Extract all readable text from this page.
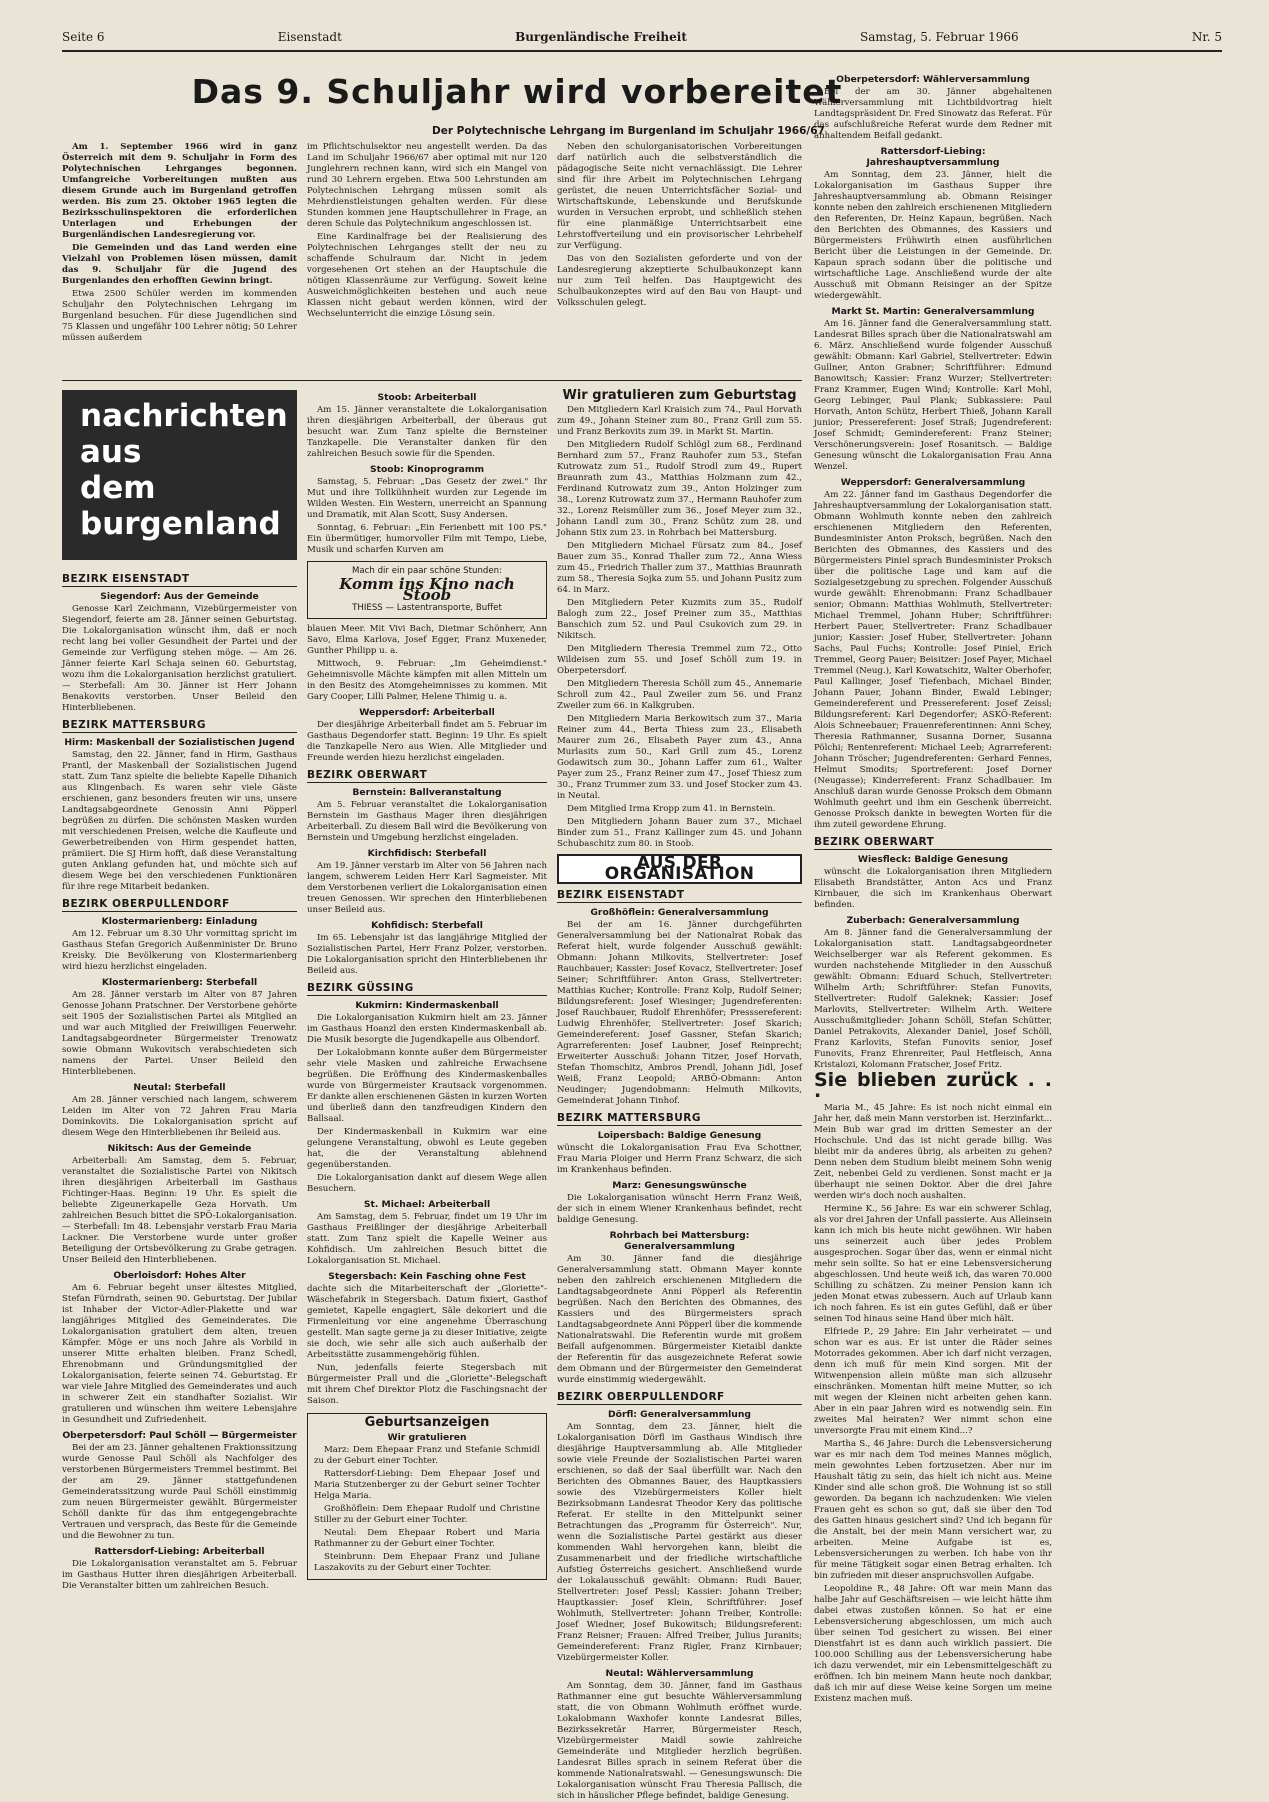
Seite 6	Eisenstadt	Burgenländische Freiheit	Samstag, 5. Februar 1966	Nr. 5
Das 9. Schuljahr wird vorbereitet
Der Polytechnische Lehrgang im Burgenland im Schuljahr 1966/67

Am 1. September 1966 wird in ganz Österreich mit dem 9. Schuljahr in Form des Polytechnischen Lehrganges begonnen. Umfangreiche Vorbereitungen mußten aus diesem Grunde auch im Burgenland getroffen werden. Bis zum 25. Oktober 1965 legten die Bezirksschulinspektoren die erforderlichen Unterlagen und Erhebungen der Burgenländischen Landesregierung vor.

Die Gemeinden und das Land werden eine Vielzahl von Problemen lösen müssen, damit das 9. Schuljahr für die Jugend des Burgenlandes den erhofften Gewinn bringt.

Etwa 2500 Schüler werden im kommenden Schuljahr den Polytechnischen Lehrgang im Burgenland besuchen. Für diese Jugendlichen sind 75 Klassen und ungefähr 100 Lehrer nötig; 50 Lehrer müssen außerdem

im Pflichtschulsektor neu angestellt werden. Da das Land im Schuljahr 1966/67 aber optimal mit nur 120 Junglehrern rechnen kann, wird sich ein Mangel von rund 30 Lehrern ergeben. Etwa 500 Lehrstunden am Polytechnischen Lehrgang müssen somit als Mehrdienstleistungen gehalten werden. Für diese Stunden kommen jene Hauptschullehrer in Frage, an deren Schule das Polytechnikum angeschlossen ist.

Eine Kardinalfrage bei der Realisierung des Polytechnischen Lehrganges stellt der neu zu schaffende Schulraum dar. Nicht in jedem vorgesehenen Ort stehen an der Hauptschule die nötigen Klassenräume zur Verfügung. Soweit keine Ausweichmöglichkeiten bestehen und auch neue Klassen nicht gebaut werden können, wird der Wechselunterricht die einzige Lösung sein.

Neben den schulorganisatorischen Vorbereitungen darf natürlich auch die selbstverständlich die pädagogische Seite nicht vernachlässigt. Die Lehrer sind für ihre Arbeit im Polytechnischen Lehrgang gerüstet, die neuen Unterrichtsfächer Sozial- und Wirtschaftskunde, Lebenskunde und Berufskunde wurden in Versuchen erprobt, und schließlich stehen für eine planmäßige Unterrichtsarbeit eine Lehrstoffverteilung und ein provisorischer Lehrbehelf zur Verfügung.

Das von den Sozialisten geforderte und von der Landesregierung akzeptierte Schulbaukonzept kann nur zum Teil helfen. Das Hauptgewicht des Schulbaukonzeptes wird auf den Bau von Haupt- und Volksschulen gelegt.

Oberpetersdorf: Wählerversammlung

Bei der am 30. Jänner abgehaltenen Wählerversammlung mit Lichtbildvortrag hielt Landtagspräsident Dr. Fred Sinowatz das Referat. Für das aufschlußreiche Referat wurde dem Redner mit anhaltendem Beifall gedankt.

Rattersdorf-Liebing: Jahreshauptversammlung

Am Sonntag, dem 23. Jänner, hielt die Lokalorganisation im Gasthaus Supper ihre Jahreshauptversammlung ab. Obmann Reisinger konnte neben den zahlreich erschienenen Mitgliedern den Referenten, Dr. Heinz Kapaun, begrüßen. Nach den Berichten des Obmannes, des Kassiers und Bürgermeisters Frühwirth einen ausführlichen Bericht über die Leistungen in der Gemeinde. Dr. Kapaun sprach sodann über die politische und wirtschaftliche Lage. Anschließend wurde der alte Ausschuß mit Obmann Reisinger an der Spitze wiedergewählt.

Markt St. Martin: Generalversammlung

Am 16. Jänner fand die Generalversammlung statt. Landesrat Billes sprach über die Nationalratswahl am 6. März. Anschließend wurde folgender Ausschuß gewählt: Obmann: Karl Gabriel, Stellvertreter: Edwin Gullner, Anton Grabner; Schriftführer: Edmund Banowitsch; Kassier: Franz Wurzer; Stellvertreter: Franz Krammer, Eugen Wind; Kontrolle: Karl Mohl, Georg Lebinger, Paul Plank; Subkassiere: Paul Horvath, Anton Schütz, Herbert Thieß, Johann Karall junior; Pressereferent: Josef Straß; Jugendreferent: Josef Schmidt; Gemindereferent: Franz Steiner; Verschönerungsverein: Josef Rosanitsch. — Baldige Genesung wünscht die Lokalorganisation Frau Anna Wenzel.

Weppersdorf: Generalversammlung

Am 22. Jänner fand im Gasthaus Degendorfer die Jahreshauptversammlung der Lokalorganisation statt. Obmann Wohlmuth konnte neben den zahlreich erschienenen Mitgliedern den Referenten, Bundesminister Anton Proksch, begrüßen. Nach den Berichten des Obmannes, des Kassiers und des Bürgermeisters Piniel sprach Bundesminister Proksch über die politische Lage und kam auf die Sozialgesetzgebung zu sprechen. Folgender Ausschuß wurde gewählt: Ehrenobmann: Franz Schadlbauer senior; Obmann: Matthias Wohlmuth, Stellvertreter: Michael Tremmel, Johann Huber; Schriftführer: Herbert Pauer, Stellvertreter: Franz Schadlbauer junior; Kassier: Josef Huber, Stellvertreter: Johann Sachs, Paul Fuchs; Kontrolle: Josef Piniel, Erich Tremmel, Georg Pauer; Beisitzer: Josef Payer, Michael Tremmel (Neug.), Karl Kowatschitz, Walter Oberhofer, Paul Kallinger, Josef Tiefenbach, Michael Binder, Johann Pauer, Johann Binder, Ewald Lebinger; Gemeindereferent und Pressereferent: Josef Zeissl; Bildungsreferent: Karl Degendorfer; ASKÖ-Referent: Alois Schneebauer; Frauenreferentinnen: Anni Schey, Theresia Rathmanner, Susanna Dorner, Susanna Pölchi; Rentenreferent: Michael Leeb; Agrarreferent: Johann Tröscher; Jugendreferenten: Gerhard Fennes, Helmut Smodits; Sportreferent: Josef Dorner (Neugasse); Kinderreferent: Franz Schadlbauer. Im Anschluß daran wurde Genosse Proksch dem Obmann Wohlmuth geehrt und ihm ein Geschenk überreicht. Genosse Proksch dankte in bewegten Worten für die ihm zuteil gewordene Ehrung.

BEZIRK OBERWART
Wiesfleck: Baldige Genesung

wünscht die Lokalorganisation ihren Mitgliedern Elisabeth Brandstätter, Anton Acs und Franz Kirnbauer, die sich im Krankenhaus Oberwart befinden.

Zuberbach: Generalversammlung

Am 8. Jänner fand die Generalversammlung der Lokalorganisation statt. Landtagsabgeordneter Weichselberger war als Referent gekommen. Es wurden nachstehende Mitglieder in den Ausschuß gewählt: Obmann: Eduard Schuch, Stellvertreter: Wilhelm Arth; Schriftführer: Stefan Funovits, Stellvertreter: Rudolf Galeknek; Kassier: Josef Marlovits, Stellvertreter: Wilhelm Arth. Weitere Ausschußmitglieder: Johann Schöll, Stefan Schütter, Daniel Petrakovits, Alexander Daniel, Josef Schöll, Franz Karlovits, Stefan Funovits senior, Josef Funovits, Franz Ehrenreiter, Paul Hetfleisch, Anna Kristalozi, Kolomann Fratscher, Josef Fritz.

Sie blieben zurück . . .

Maria M., 45 Jahre: Es ist noch nicht einmal ein Jahr her, daß mein Mann verstorben ist. Herzinfarkt... Mein Bub war grad im dritten Semester an der Hochschule. Und das ist nicht gerade billig. Was bleibt mir da anderes übrig, als arbeiten zu gehen? Denn neben dem Studium bleibt meinem Sohn wenig Zeit, nebenbei Geld zu verdienen. Sonst macht er ja überhaupt nie seinen Doktor. Aber die drei Jahre werden wir's doch noch aushalten.

Hermine K., 56 Jahre: Es war ein schwerer Schlag, als vor drei Jahren der Unfall passierte. Aus Alleinsein kann ich mich bis heute nicht gewöhnen. Wir haben uns seinerzeit auch über jedes Problem ausgesprochen. Sogar über das, wenn er einmal nicht mehr sein sollte. So hat er eine Lebensversicherung abgeschlossen. Und heute weiß ich, das waren 70.000 Schilling zu schätzen. Zu meiner Pension kann ich jeden Monat etwas zubessern. Auch auf Urlaub kann ich noch fahren. Es ist ein gutes Gefühl, daß er über seinen Tod hinaus seine Hand über mich hält.

Elfriede P., 29 Jahre: Ein Jahr verheiratet — und schon war es aus. Er ist unter die Räder seines Motorrades gekommen. Aber ich darf nicht verzagen, denn ich muß für mein Kind sorgen. Mit der Witwenpension allein müßte man sich allzusehr einschränken. Momentan hilft meine Mutter, so ich mit wegen der Kleinen nicht arbeiten gehen kann. Aber in ein paar Jahren wird es notwendig sein. Ein zweites Mal heiraten? Wer nimmt schon eine unversorgte Frau mit einem Kind...?

Martha S., 46 Jahre: Durch die Lebensversicherung war es mir nach dem Tod meines Mannes möglich, mein gewohntes Leben fortzusetzen. Aber nur im Haushalt tätig zu sein, das hielt ich nicht aus. Meine Kinder sind alle schon groß. Die Wohnung ist so still geworden. Da begann ich nachzudenken: Wie vielen Frauen geht es schon so gut, daß sie über den Tod des Gatten hinaus gesichert sind? Und ich begann für die Anstalt, bei der mein Mann versichert war, zu arbeiten. Meine Aufgabe ist es, Lebensversicherungen zu werben. Ich habe von ihr für meine Tätigkeit sogar einen Betrag erhalten. Ich bin zufrieden mit dieser anspruchsvollen Aufgabe.

Leopoldine R., 48 Jahre: Oft war mein Mann das halbe Jahr auf Geschäftsreisen — wie leicht hätte ihm dabei etwas zustoßen können. So hat er eine Lebensversicherung abgeschlossen, um mich auch über seinen Tod gesichert zu wissen. Bei einer Dienstfahrt ist es dann auch wirklich passiert. Die 100.000 Schilling aus der Lebensversicherung habe ich dazu verwendet, mir ein Lebensmittelgeschäft zu eröffnen. Ich bin meinem Mann heute noch dankbar, daß ich mir auf diese Weise keine Sorgen um meine Existenz machen muß.

nachrichten
aus
dem
burgenland
BEZIRK EISENSTADT
Siegendorf: Aus der Gemeinde

Genosse Karl Zeichmann, Vizebürgermeister von Siegendorf, feierte am 28. Jänner seinen Geburtstag. Die Lokalorganisation wünscht ihm, daß er noch recht lang bei voller Gesundheit der Partei und der Gemeinde zur Verfügung stehen möge. — Am 26. Jänner feierte Karl Schaja seinen 60. Geburtstag, wozu ihm die Lokalorganisation herzlichst gratuliert. — Sterbefall: Am 30. Jänner ist Herr Johann Benakovits verstorben. Unser Beileid den Hinterbliebenen.

BEZIRK MATTERSBURG
Hirm: Maskenball der Sozialistischen Jugend

Samstag, den 22. Jänner, fand in Hirm, Gasthaus Prantl, der Maskenball der Sozialistischen Jugend statt. Zum Tanz spielte die beliebte Kapelle Dihanich aus Klingenbach. Es waren sehr viele Gäste erschienen, ganz besonders freuten wir uns, unsere Landtagsabgeordnete Genossin Anni Pöpperl begrüßen zu dürfen. Die schönsten Masken wurden mit verschiedenen Preisen, welche die Kaufleute und Gewerbetreibenden von Hirm gespendet hatten, prämiiert. Die SJ Hirm hofft, daß diese Veranstaltung guten Anklang gefunden hat, und möchte sich auf diesem Wege bei den verschiedenen Funktionären für ihre rege Mitarbeit bedanken.

BEZIRK OBERPULLENDORF
Klostermarienberg: Einladung

Am 12. Februar um 8.30 Uhr vormittag spricht im Gasthaus Stefan Gregorich Außenminister Dr. Bruno Kreisky. Die Bevölkerung von Klostermarienberg wird hiezu herzlichst eingeladen.

Klostermarienberg: Sterbefall

Am 28. Jänner verstarb im Alter von 87 Jahren Genosse Johann Pratschner. Der Verstorbene gehörte seit 1905 der Sozialistischen Partei als Mitglied an und war auch Mitglied der Freiwilligen Feuerwehr. Landtagsabgeordneter Bürgermeister Trenowatz sowie Obmann Wukovitsch verabschiedeten sich namens der Partei. Unser Beileid den Hinterbliebenen.

Neutal: Sterbefall

Am 28. Jänner verschied nach langem, schwerem Leiden im Alter von 72 Jahren Frau Maria Dominkovits. Die Lokalorganisation spricht auf diesem Wege den Hinterbliebenen ihr Beileid aus.

Nikitsch: Aus der Gemeinde

Arbeiterball: Am Samstag, dem 5. Februar, veranstaltet die Sozialistische Partei von Nikitsch ihren diesjährigen Arbeiterball im Gasthaus Fichtinger-Haas. Beginn: 19 Uhr. Es spielt die beliebte Zigeunerkapelle Geza Horvath. Um zahlreichen Besuch bittet die SPÖ-Lokalorganisation. — Sterbefall: Im 48. Lebensjahr verstarb Frau Maria Lackner. Die Verstorbene wurde unter großer Beteiligung der Ortsbevölkerung zu Grabe getragen. Unser Beileid den Hinterbliebenen.

Oberloisdorf: Hohes Alter

Am 6. Februar begeht unser ältestes Mitglied, Stefan Fürndrath, seinen 90. Geburtstag. Der Jubilar ist Inhaber der Victor-Adler-Plakette und war langjähriges Mitglied des Gemeinderates. Die Lokalorganisation gratuliert dem alten, treuen Kämpfer. Möge er uns noch Jahre als Vorbild in unserer Mitte erhalten bleiben. Franz Schedl, Ehrenobmann und Gründungsmitglied der Lokalorganisation, feierte seinen 74. Geburtstag. Er war viele Jahre Mitglied des Gemeinderates und auch in schwerer Zeit ein standhafter Sozialist. Wir gratulieren und wünschen ihm weitere Lebensjahre in Gesundheit und Zufriedenheit.

Oberpetersdorf: Paul Schöll — Bürgermeister

Bei der am 23. Jänner gehaltenen Fraktionssitzung wurde Genosse Paul Schöll als Nachfolger des verstorbenen Bürgermeisters Tremmel bestimmt. Bei der am 29. Jänner stattgefundenen Gemeinderatssitzung wurde Paul Schöll einstimmig zum neuen Bürgermeister gewählt. Bürgermeister Schöll dankte für das ihm entgegengebrachte Vertrauen und versprach, das Beste für die Gemeinde und die Bewohner zu tun.

Rattersdorf-Liebing: Arbeiterball

Die Lokalorganisation veranstaltet am 5. Februar im Gasthaus Hutter ihren diesjährigen Arbeiterball. Die Veranstalter bitten um zahlreichen Besuch.

Stoob: Arbeiterball

Am 15. Jänner veranstaltete die Lokalorganisation ihren diesjährigen Arbeiterball, der überaus gut besucht war. Zum Tanz spielte die Bernsteiner Tanzkapelle. Die Veranstalter danken für den zahlreichen Besuch sowie für die Spenden.

Stoob: Kinoprogramm

Samstag, 5. Februar: „Das Gesetz der zwei." Ihr Mut und ihre Tollkühnheit wurden zur Legende im Wilden Westen. Ein Western, unerreicht an Spannung und Dramatik, mit Alan Scott, Susy Andersen.

Sonntag, 6. Februar: „Ein Ferienbett mit 100 PS." Ein übermütiger, humorvoller Film mit Tempo, Liebe, Musik und scharfen Kurven am

Mach dir ein paar schöne Stunden:
Komm ins Kino nach Stoob
THIESS — Lastentransporte, Buffet

blauen Meer. Mit Vivi Bach, Dietmar Schönherr, Ann Savo, Elma Karlova, Josef Egger, Franz Muxeneder, Gunther Philipp u. a.

Mittwoch, 9. Februar: „Im Geheimdienst." Geheimnisvolle Mächte kämpfen mit allen Mitteln um in den Besitz des Atomgeheimnisses zu kommen. Mit Gary Cooper, Lilli Palmer, Helene Thimig u. a.

Weppersdorf: Arbeiterball

Der diesjährige Arbeiterball findet am 5. Februar im Gasthaus Degendorfer statt. Beginn: 19 Uhr. Es spielt die Tanzkapelle Nero aus Wien. Alle Mitglieder und Freunde werden hiezu herzlichst eingeladen.

BEZIRK OBERWART
Bernstein: Ballveranstaltung

Am 5. Februar veranstaltet die Lokalorganisation Bernstein im Gasthaus Mager ihren diesjährigen Arbeiterball. Zu diesem Ball wird die Bevölkerung von Bernstein und Umgebung herzlichst eingeladen.

Kirchfidisch: Sterbefall

Am 19. Jänner verstarb im Alter von 56 Jahren nach langem, schwerem Leiden Herr Karl Sagmeister. Mit dem Verstorbenen verliert die Lokalorganisation einen treuen Genossen. Wir sprechen den Hinterbliebenen unser Beileid aus.

Kohfidisch: Sterbefall

Im 65. Lebensjahr ist das langjährige Mitglied der Sozialistischen Partei, Herr Franz Polzer, verstorben. Die Lokalorganisation spricht den Hinterbliebenen ihr Beileid aus.

BEZIRK GÜSSING
Kukmirn: Kindermaskenball

Die Lokalorganisation Kukmirn hielt am 23. Jänner im Gasthaus Hoanzl den ersten Kindermaskenball ab. Die Musik besorgte die Jugendkapelle aus Olbendorf.

Der Lokalobmann konnte außer dem Bürgermeister sehr viele Masken und zahlreiche Erwachsene begrüßen. Die Eröffnung des Kindermaskenballes wurde von Bürgermeister Krautsack vorgenommen. Er dankte allen erschienenen Gästen in kurzen Worten und überließ dann den tanzfreudigen Kindern den Ballsaal.

Der Kindermaskenball in Kukmirn war eine gelungene Veranstaltung, obwohl es Leute gegeben hat, die der Veranstaltung ablehnend gegenüberstanden.

Die Lokalorganisation dankt auf diesem Wege allen Besuchern.

St. Michael: Arbeiterball

Am Samstag, dem 5. Februar, findet um 19 Uhr im Gasthaus Freißlinger der diesjährige Arbeiterball statt. Zum Tanz spielt die Kapelle Weiner aus Kohfidisch. Um zahlreichen Besuch bittet die Lokalorganisation St. Michael.

Stegersbach: Kein Fasching ohne Fest

dachte sich die Mitarbeiterschaft der „Gloriette"-Wäschefabrik in Stegersbach. Datum fixiert, Gasthof gemietet, Kapelle engagiert, Säle dekoriert und die Firmenleitung vor eine angenehme Überraschung gestellt. Man sagte gerne ja zu dieser Initiative, zeigte sie doch, wie sehr alle sich auch außerhalb der Arbeitsstätte zusammengehörig fühlen.

Nun, jedenfalls feierte Stegersbach mit Bürgermeister Prall und die „Gloriette"-Belegschaft mit ihrem Chef Direktor Plotz die Faschingsnacht der Saison.

Geburtsanzeigen
Wir gratulieren

Marz: Dem Ehepaar Franz und Stefanie Schmidl zu der Geburt einer Tochter.

Rattersdorf-Liebing: Dem Ehepaar Josef und Maria Stutzenberger zu der Geburt seiner Tochter Helga Maria.

Großhöflein: Dem Ehepaar Rudolf und Christine Stiller zu der Geburt einer Tochter.

Neutal: Dem Ehepaar Robert und Maria Rathmanner zu der Geburt einer Tochter.

Steinbrunn: Dem Ehepaar Franz und Juliane Laszakovits zu der Geburt einer Tochter.

Wir gratulieren zum Geburtstag

Den Mitgliedern Karl Kraisich zum 74., Paul Horvath zum 49., Johann Steiner zum 80., Franz Grill zum 55. und Franz Berkovits zum 39. in Markt St. Martin.

Den Mitgliedern Rudolf Schlögl zum 68., Ferdinand Bernhard zum 57., Franz Rauhofer zum 53., Stefan Kutrowatz zum 51., Rudolf Strodl zum 49., Rupert Braunrath zum 43., Matthias Holzmann zum 42., Ferdinand Kutrowatz zum 39., Anton Holzinger zum 38., Lorenz Kutrowatz zum 37., Hermann Rauhofer zum 32., Lorenz Reismüller zum 36., Josef Meyer zum 32., Johann Landl zum 30., Franz Schütz zum 28. und Johann Stix zum 23. in Rohrbach bei Mattersburg.

Den Mitgliedern Michael Fürsatz zum 84., Josef Bauer zum 35., Konrad Thaller zum 72., Anna Wiess zum 45., Friedrich Thaller zum 37., Matthias Braunrath zum 58., Theresia Sojka zum 55. und Johann Pusitz zum 64. in Marz.

Den Mitgliedern Peter Kuzmits zum 35., Rudolf Balogh zum 22., Josef Preiner zum 35., Matthias Banschich zum 52. und Paul Csukovich zum 29. in Nikitsch.

Den Mitgliedern Theresia Tremmel zum 72., Otto Wildeisen zum 55. und Josef Schöll zum 19. in Oberpetersdorf.

Den Mitgliedern Theresia Schöll zum 45., Annemarie Schroll zum 42., Paul Zweiler zum 56. und Franz Zweiler zum 66. in Kalkgruben.

Den Mitgliedern Maria Berkowitsch zum 37., Maria Reiner zum 44., Berta Thiess zum 23., Elisabeth Maurer zum 26., Elisabeth Payer zum 43., Anna Murlasits zum 50., Karl Grill zum 45., Lorenz Godawitsch zum 30., Johann Laffer zum 61., Walter Payer zum 25., Franz Reiner zum 47., Josef Thiesz zum 30., Franz Trummer zum 33. und Josef Stocker zum 43. in Neutal.

Dem Mitglied Irma Kropp zum 41. in Bernstein.

Den Mitgliedern Johann Bauer zum 37., Michael Binder zum 51., Franz Kallinger zum 45. und Johann Schubaschitz zum 80. in Stoob.

AUS DER ORGANISATION
BEZIRK EISENSTADT
Großhöflein: Generalversammlung

Bei der am 16. Jänner durchgeführten Generalversammlung bei der Nationalrat Robak das Referat hielt, wurde folgender Ausschuß gewählt: Obmann: Johann Milkovits, Stellvertreter: Josef Rauchbauer; Kassier: Josef Kovacz, Stellvertreter: Josef Seiner; Schriftführer: Anton Grass, Stellvertreter: Matthias Kucher; Kontrolle: Franz Kolp, Rudolf Seiner; Bildungsreferent: Josef Wiesinger; Jugendreferenten: Josef Rauchbauer, Rudolf Ehrenhöfer; Presssereferent: Ludwig Ehrenhöfer, Stellvertreter: Josef Skarich; Gemeindereferent: Josef Gassner, Stefan Skarich; Agrarreferenten: Josef Laubner, Josef Reinprecht; Erweiterter Ausschuß: Johann Titzer, Josef Horvath, Stefan Thomschitz, Ambros Prendl, Johann Jidl, Josef Weiß, Franz Leopold; ARBÖ-Obmann: Anton Neudinger; Jugendobmann: Helmuth Milkovits, Gemeinderat Johann Tinhof.

BEZIRK MATTERSBURG
Loipersbach: Baldige Genesung

wünscht die Lokalorganisation Frau Eva Schottner, Frau Maria Ploiger und Herrn Franz Schwarz, die sich im Krankenhaus befinden.

Marz: Genesungswünsche

Die Lokalorganisation wünscht Herrn Franz Weiß, der sich in einem Wiener Krankenhaus befindet, recht baldige Genesung.

Rohrbach bei Mattersburg: Generalversammlung

Am 30. Jänner fand die diesjährige Generalversammlung statt. Obmann Mayer konnte neben den zahlreich erschienenen Mitgliedern die Landtagsabgeordnete Anni Pöpperl als Referentin begrüßen. Nach den Berichten des Obmannes, des Kassiers und des Bürgermeisters sprach Landtagsabgeordnete Anni Pöpperl über die kommende Nationalratswahl. Die Referentin wurde mit großem Beifall aufgenommen. Bürgermeister Kietaibl dankte der Referentin für das ausgezeichnete Referat sowie dem Obmann und der Bürgermeister den Gemeinderat wurde einstimmig wiedergewählt.

BEZIRK OBERPULLENDORF
Dörfl: Generalversammlung

Am Sonntag, dem 23. Jänner, hielt die Lokalorganisation Dörfl im Gasthaus Windisch ihre diesjährige Hauptversammlung ab. Alle Mitglieder sowie viele Freunde der Sozialistischen Partei waren erschienen, so daß der Saal überfüllt war. Nach den Berichten des Obmannes Bauer, des Hauptkassiers sowie des Vizebürgermeisters Koller hielt Bezirksobmann Landesrat Theodor Kery das politische Referat. Er stellte in den Mittelpunkt seiner Betrachtungen das „Programm für Österreich". Nur, wenn die Sozialistische Partei gestärkt aus dieser kommenden Wahl hervorgehen kann, bleibt die Zusammenarbeit und der friedliche wirtschaftliche Aufstieg Österreichs gesichert. Anschließend wurde der Lokalausschuß gewählt: Obmann: Rudi Bauer, Stellvertreter: Josef Pessl; Kassier: Johann Treiber; Hauptkassier: Josef Klein, Schriftführer: Josef Wohlmuth, Stellvertreter: Johann Treiber, Kontrolle: Josef Wiedner, Josef Bukowitsch; Bildungsreferent: Franz Reisner; Frauen: Alfred Treiber, Julius Juranits; Gemeindereferent: Franz Rigler, Franz Kirnbauer; Vizebürgermeister Koller.

Neutal: Wählerversammlung

Am Sonntag, dem 30. Jänner, fand im Gasthaus Rathmanner eine gut besuchte Wählerversammlung statt, die von Obmann Wohlmuth eröffnet wurde. Lokalobmann Waxhofer konnte Landesrat Billes, Bezirkssekretär Harrer, Bürgermeister Resch, Vizebürgermeister Maidl sowie zahlreiche Gemeinderäte und Mitglieder herzlich begrüßen. Landesrat Billes sprach in seinem Referat über die kommende Nationalratswahl. — Genesungswunsch: Die Lokalorganisation wünscht Frau Theresia Pallisch, die sich in häuslicher Pflege befindet, baldige Genesung.
